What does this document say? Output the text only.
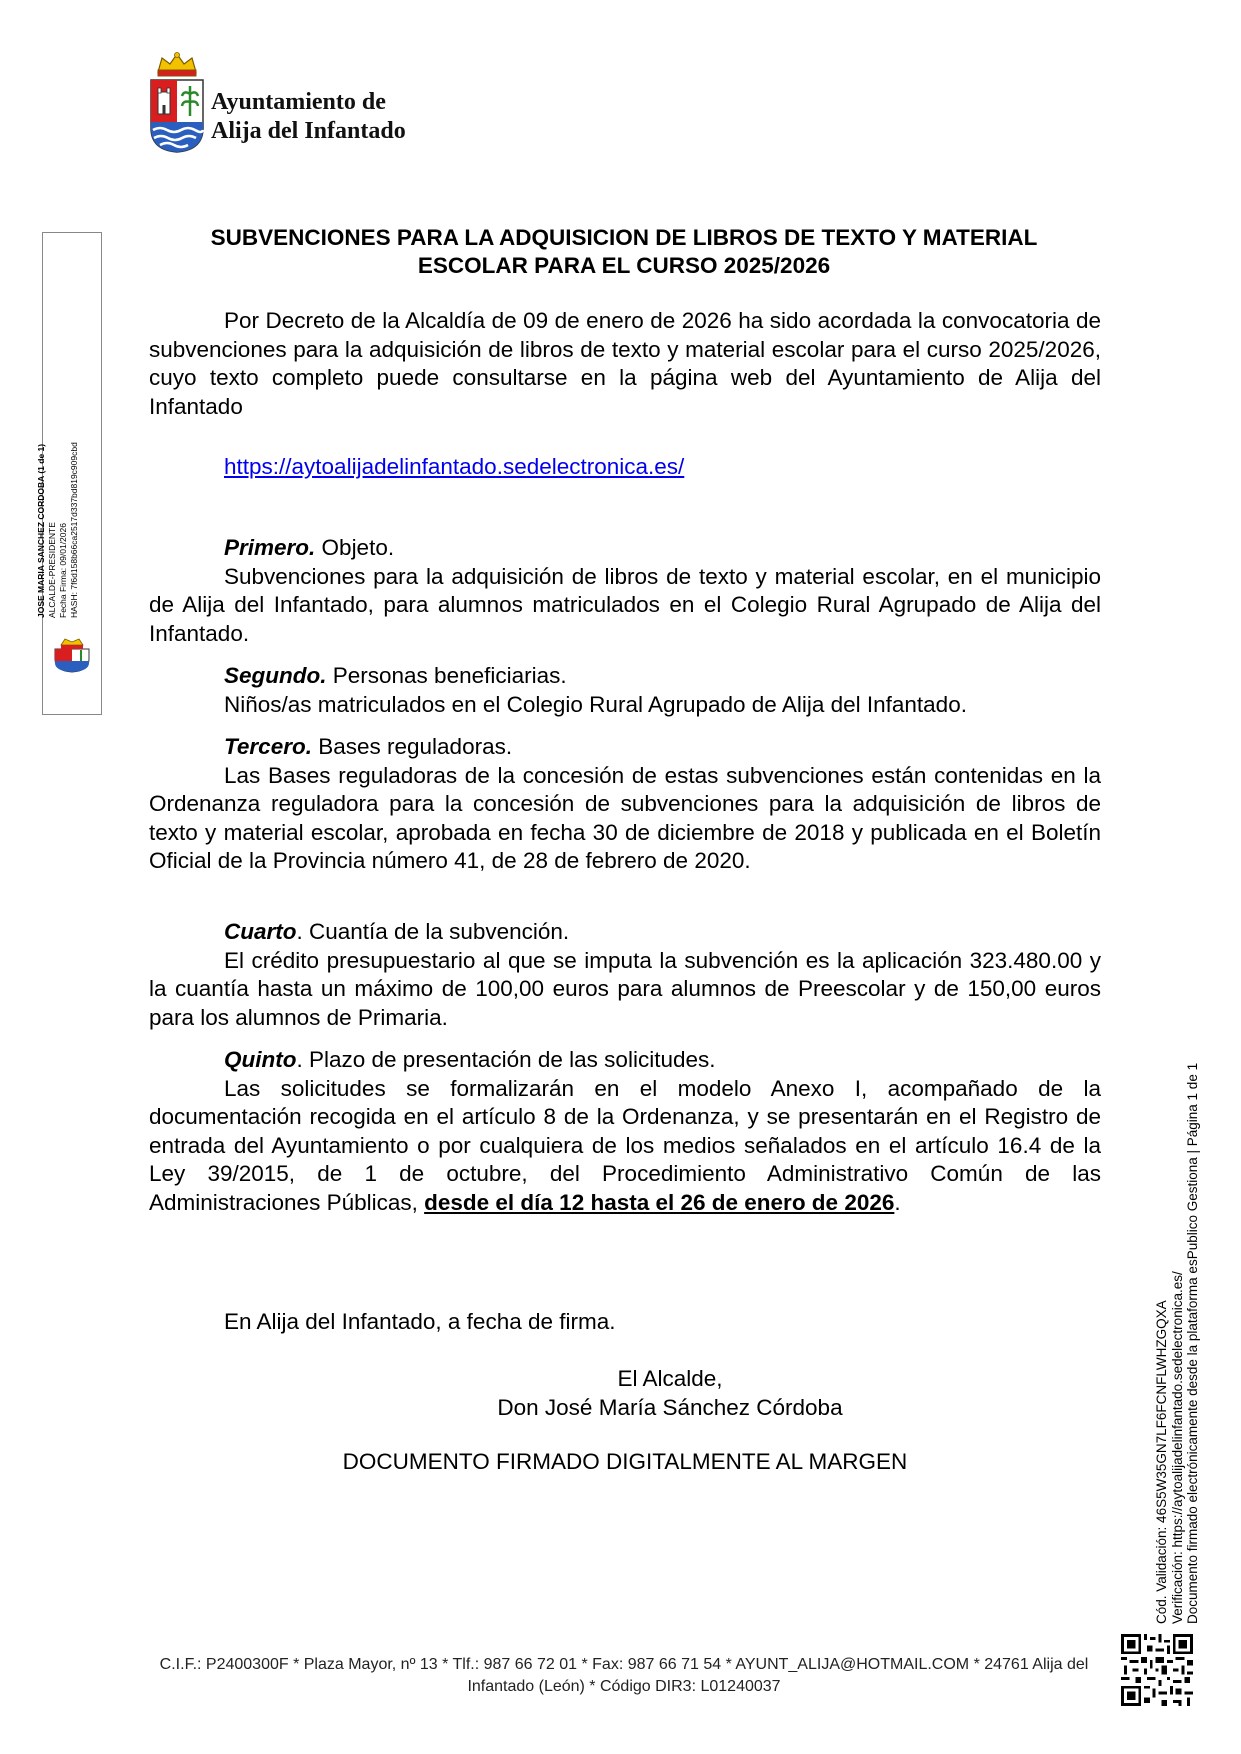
Ayuntamiento de
Alija del Infantado
JOSE MARIA SANCHEZ CORDOBA (1 de 1) ALCALDE-PRESIDENTE Fecha Firma: 09/01/2026 HASH: 7f6d158b66ca2517d337bd819c909cbd
SUBVENCIONES PARA LA ADQUISICION DE LIBROS DE TEXTO Y MATERIAL
ESCOLAR PARA EL CURSO 2025/2026
Por Decreto de la Alcaldía de 09 de enero de 2026 ha sido acordada la convocatoria de subvenciones para la adquisición de libros de texto y material escolar para el curso 2025/2026, cuyo texto completo puede consultarse en la página web del Ayuntamiento de Alija del Infantado
https://aytoalijadelinfantado.sedelectronica.es/

Primero. Objeto.

Subvenciones para la adquisición de libros de texto y material escolar, en el municipio de Alija del Infantado, para alumnos matriculados en el Colegio Rural Agrupado de Alija del Infantado.

Segundo. Personas beneficiarias.

Niños/as matriculados en el Colegio Rural Agrupado de Alija del Infantado.

Tercero. Bases reguladoras.

Las Bases reguladoras de la concesión de estas subvenciones están contenidas en la Ordenanza reguladora para la concesión de subvenciones para la adquisición de libros de texto y material escolar, aprobada en fecha 30 de diciembre de 2018 y publicada en el Boletín Oficial de la Provincia número 41, de 28 de febrero de 2020.

Cuarto. Cuantía de la subvención.

El crédito presupuestario al que se imputa la subvención es la aplicación 323.480.00 y la cuantía hasta un máximo de 100,00 euros para alumnos de Preescolar y de 150,00 euros para los alumnos de Primaria.

Quinto. Plazo de presentación de las solicitudes.

Las solicitudes se formalizarán en el modelo Anexo I, acompañado de la documentación recogida en el artículo 8 de la Ordenanza, y se presentarán en el Registro de entrada del Ayuntamiento o por cualquiera de los medios señalados en el artículo 16.4 de la Ley 39/2015, de 1 de octubre, del Procedimiento Administrativo Común de las Administraciones Públicas, desde el día 12 hasta el 26 de enero de 2026.

En Alija del Infantado, a fecha de firma.

El Alcalde,

Don José María Sánchez Córdoba

DOCUMENTO FIRMADO DIGITALMENTE AL MARGEN	Cód. Validación: 46S5W35GN7LF6FCNFLWHZGQXA Verificación: https://aytoalijadelinfantado.sedelectronica.es/ Documento firmado electrónicamente desde la plataforma esPublico Gestiona | Página 1 de 1
C.I.F.: P2400300F * Plaza Mayor, nº 13 * Tlf.: 987 66 72 01 * Fax: 987 66 71 54 * AYUNT_ALIJA@HOTMAIL.COM * 24761 Alija del
Infantado (León) * Código DIR3: L01240037
